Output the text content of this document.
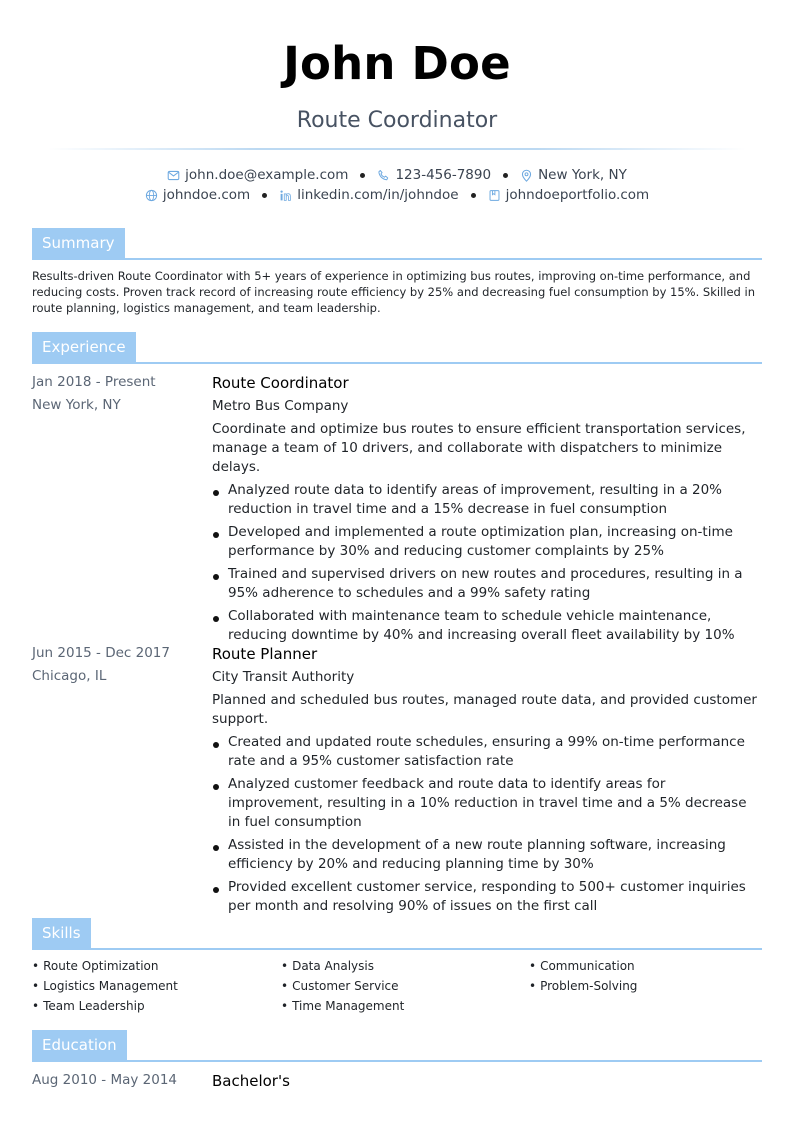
John Doe
Route Coordinator
john.doe@example.com	123-456-7890	New York, NY
johndoe.com	linkedin.com/in/johndoe	johndoeportfolio.com
Summary
Results-driven Route Coordinator with 5+ years of experience in optimizing bus routes, improving on-time performance, and reducing costs. Proven track record of increasing route efficiency by 25% and decreasing fuel consumption by 15%. Skilled in route planning, logistics management, and team leadership.
Experience
Jan 2018 - Present
New York, NY
Route Coordinator
Metro Bus Company
Coordinate and optimize bus routes to ensure efficient transportation services, manage a team of 10 drivers, and collaborate with dispatchers to minimize delays.
Analyzed route data to identify areas of improvement, resulting in a 20% reduction in travel time and a 15% decrease in fuel consumption
Developed and implemented a route optimization plan, increasing on-time performance by 30% and reducing customer complaints by 25%
Trained and supervised drivers on new routes and procedures, resulting in a 95% adherence to schedules and a 99% safety rating
Collaborated with maintenance team to schedule vehicle maintenance, reducing downtime by 40% and increasing overall fleet availability by 10%
Jun 2015 - Dec 2017
Chicago, IL
Route Planner
City Transit Authority
Planned and scheduled bus routes, managed route data, and provided customer support.
Created and updated route schedules, ensuring a 99% on-time performance rate and a 95% customer satisfaction rate
Analyzed customer feedback and route data to identify areas for improvement, resulting in a 10% reduction in travel time and a 5% decrease in fuel consumption
Assisted in the development of a new route planning software, increasing efficiency by 20% and reducing planning time by 30%
Provided excellent customer service, responding to 500+ customer inquiries per month and resolving 90% of issues on the first call
Skills
• Route Optimization	• Data Analysis	• Communication
• Logistics Management	• Customer Service	• Problem-Solving
• Team Leadership	• Time Management
Education
Aug 2010 - May 2014 Bachelor's
